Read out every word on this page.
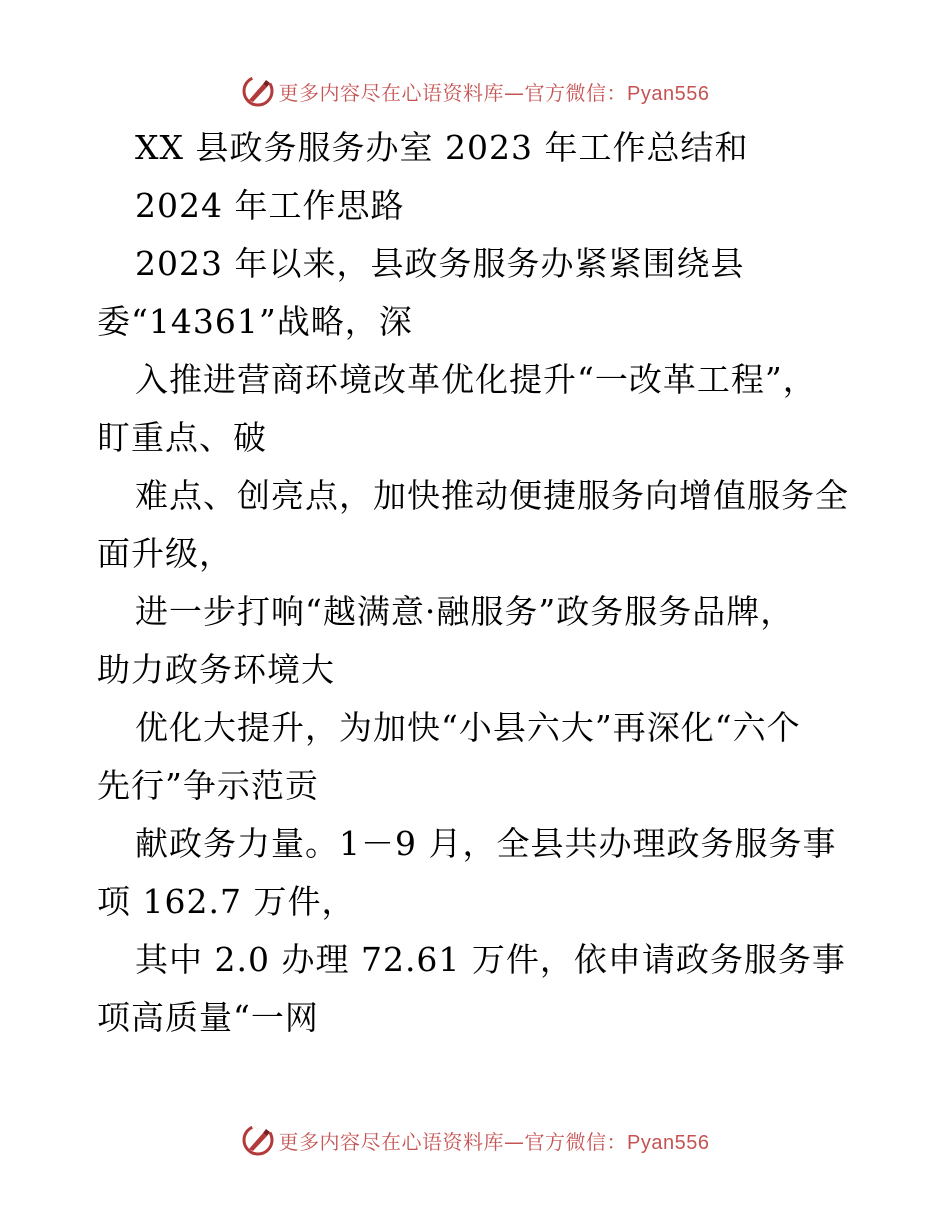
更多内容尽在心语资料库—官方微信：Pyan556
XX 县政务服务办室 2023 年工作总结和
2024 年工作思路
2023 年以来，县政务服务办紧紧围绕县
委“14361”战略，深
入推进营商环境改革优化提升“一改革工程”，
盯重点、破
难点、创亮点，加快推动便捷服务向增值服务全
面升级，
进一步打响“越满意·融服务”政务服务品牌，
助力政务环境大
优化大提升，为加快“小县六大”再深化“六个
先行”争示范贡
献政务力量。1－9 月，全县共办理政务服务事
项 162.7 万件，
其中 2.0 办理 72.61 万件，依申请政务服务事
项高质量“一网
更多内容尽在心语资料库—官方微信：Pyan556
